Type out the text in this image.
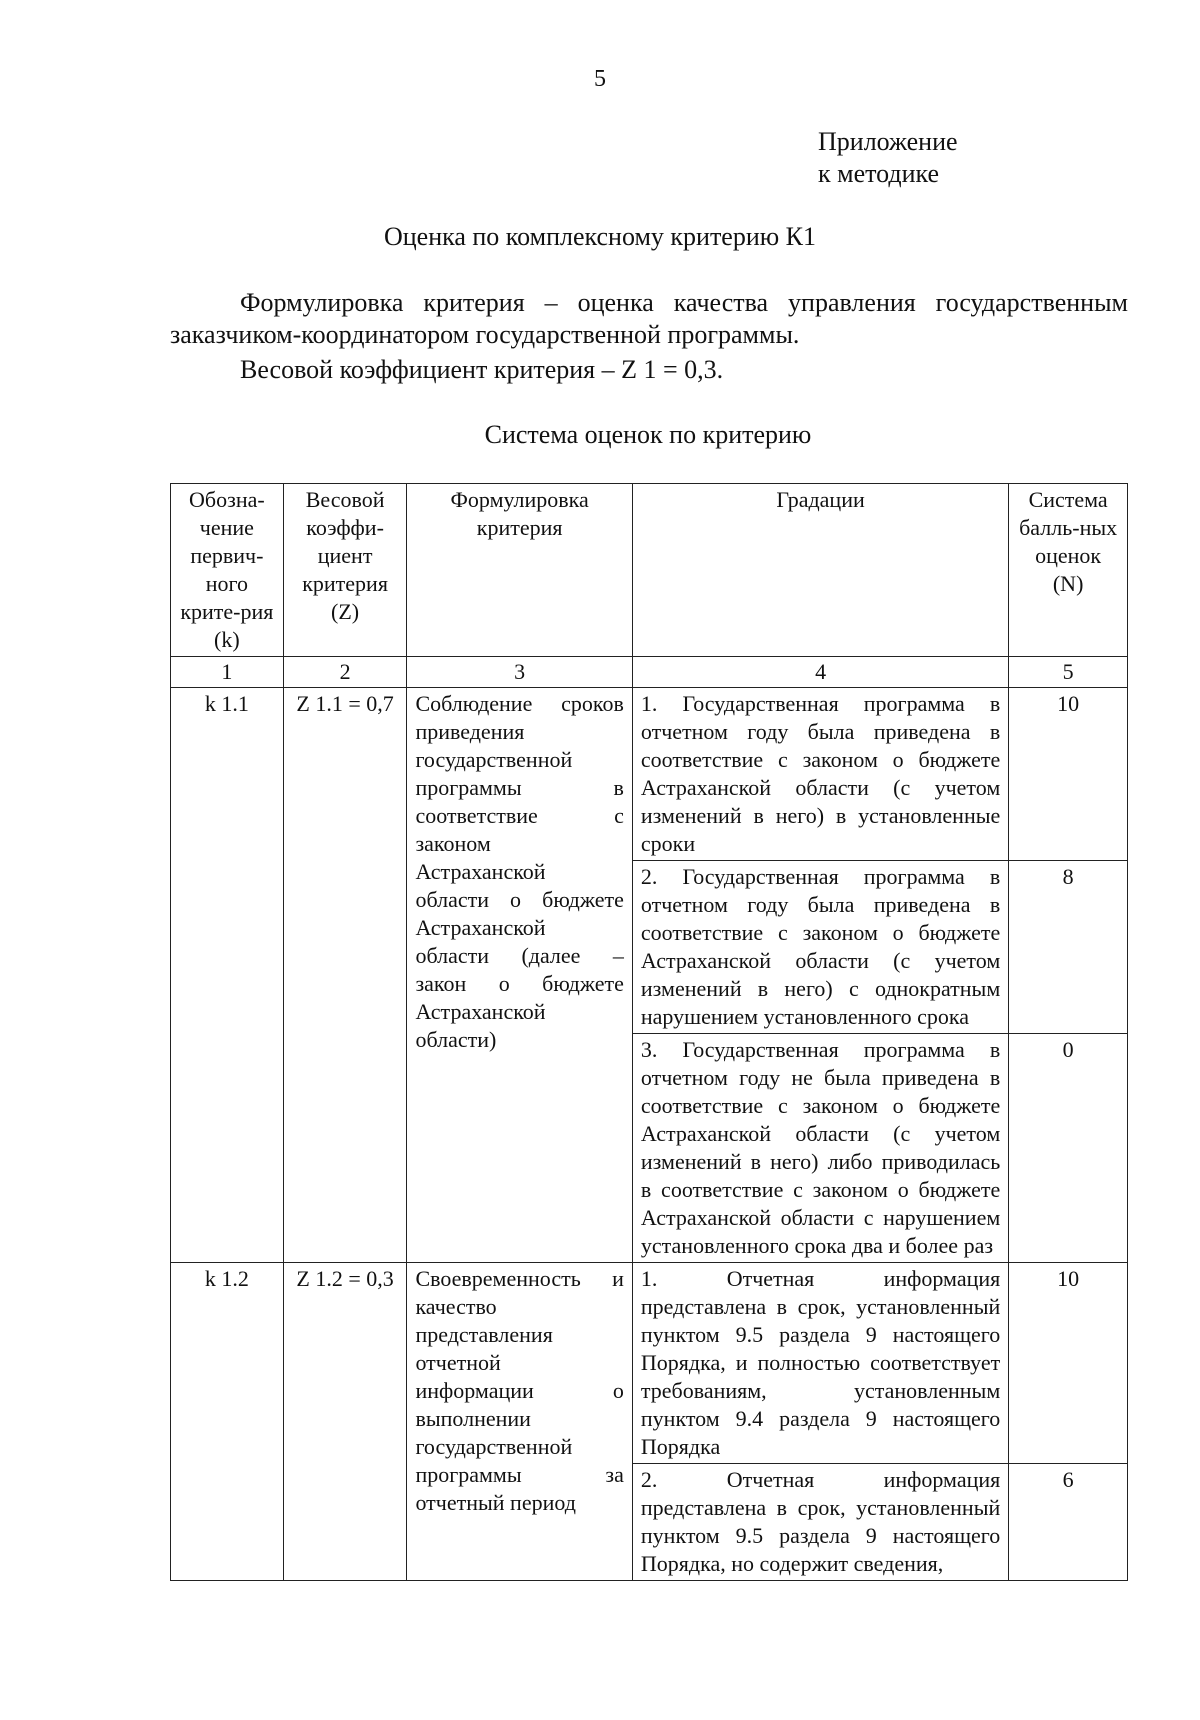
5
Приложение
к методике
Оценка по комплексному критерию К1

Формулировка критерия – оценка качества управления государственным заказчиком-координатором государственной программы.

Весовой коэффициент критерия – Z 1 = 0,3.
Система оценок по критерию
Обозна-чение первич-ного крите-рия (k)	Весовой коэффи-циент критерия (Z)	Формулировка критерия	Градации	Система балль-ных оценок (N)
1	2	3	4	5
k 1.1	Z 1.1 = 0,7	Соблюдение сроков приведения государственной программы в соответствие с законом Астраханской области о бюджете Астраханской области (далее – закон о бюджете Астраханской области)	1. Государственная программа в отчетном году была приведена в соответствие с законом о бюджете Астраханской области (с учетом изменений в него) в установленные сроки	10
			2. Государственная программа в отчетном году была приведена в соответствие с законом о бюджете Астраханской области (с учетом изменений в него) с однократным нарушением установленного срока	8
			3. Государственная программа в отчетном году не была приведена в соответствие с законом о бюджете Астраханской области (с учетом изменений в него) либо приводилась в соответствие с законом о бюджете Астраханской области с нарушением установленного срока два и более раз	0
k 1.2	Z 1.2 = 0,3	Своевременность и качество представления отчетной информации о выполнении государственной программы за отчетный период	1. Отчетная информация представлена в срок, установленный пунктом 9.5 раздела 9 настоящего Порядка, и полностью соответствует требованиям, установленным пунктом 9.4 раздела 9 настоящего Порядка	10
			2. Отчетная информация представлена в срок, установленный пунктом 9.5 раздела 9 настоящего Порядка, но содержит сведения,	6
